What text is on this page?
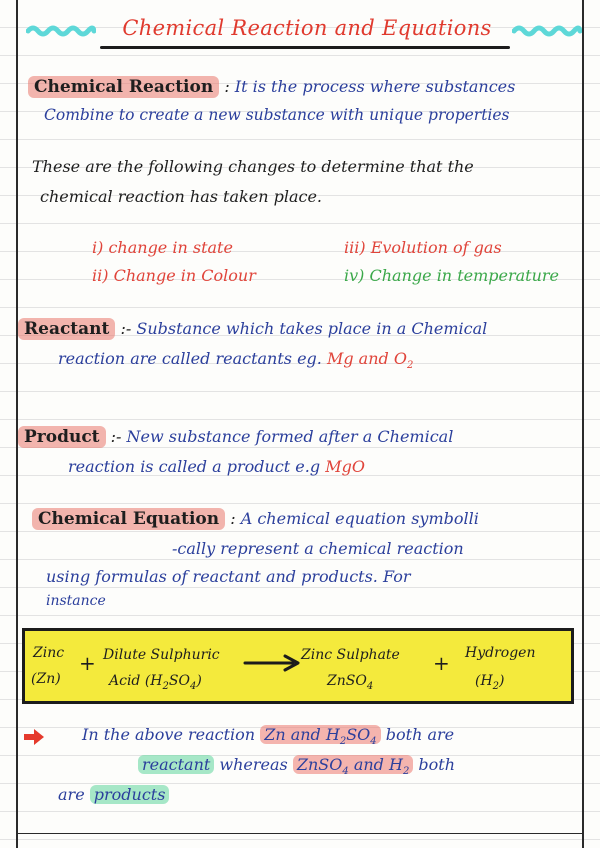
Chemical Reaction and Equations
Chemical Reaction : It is the process where substances
Combine to create a new substance with unique properties
These are the following changes to determine that the
chemical reaction has taken place.
i) change in state
ii) Change in Colour
iii) Evolution of gas
iv) Change in temperature
Reactant :- Substance which takes place in a Chemical
reaction are called reactants eg. Mg and $O_2$
Product :- New substance formed after a Chemical
reaction is called a product e.g MgO
Chemical Equation : A chemical equation symbolli
-cally represent a chemical reaction
using formulas of reactant and products. For
instance
Zinc
(Zn)
+ Dilute Sulphuric
Acid $(H_2SO_4)$
→ Zinc Sulphate
ZnSO$_4$
+ Hydrogen
$(H_2)$
In the above reaction Zn and $H_2SO_4$ both are
reactant whereas ZnSO$_4$ and $H_2$ both
are products
